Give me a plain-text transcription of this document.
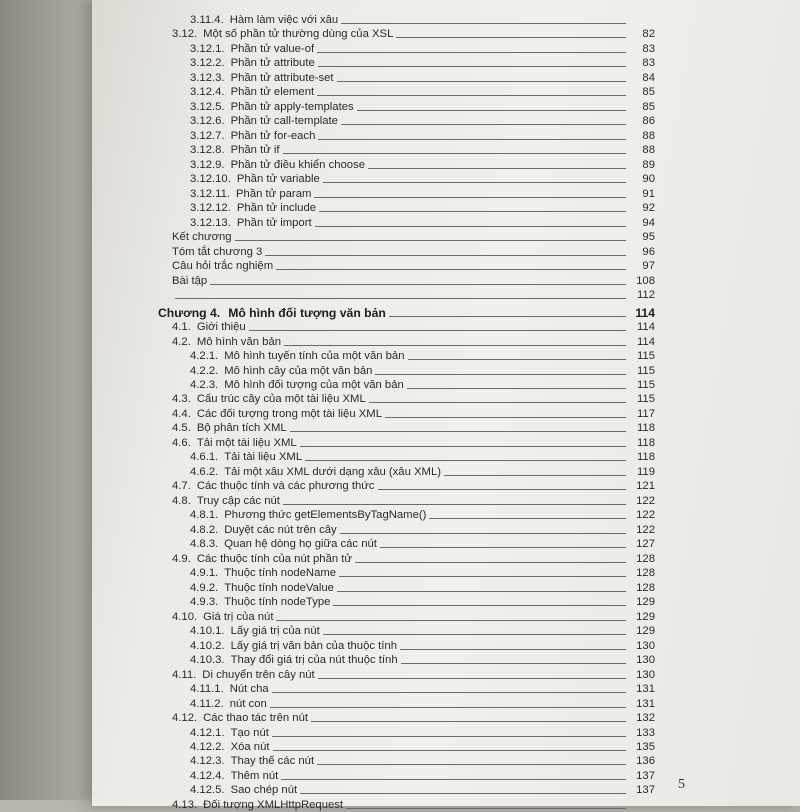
3.11.4. Hàm làm việc với xâu
3.12. Một số phần tử thường dùng của XSL	82
3.12.1. Phần tử value-of	83
3.12.2. Phần tử attribute	83
3.12.3. Phần tử attribute-set	84
3.12.4. Phần tử element	85
3.12.5. Phần tử apply-templates	85
3.12.6. Phần tử call-template	86
3.12.7. Phần tử for-each	88
3.12.8. Phần tử if	88
3.12.9. Phần tử điều khiển choose	89
3.12.10. Phần tử variable	90
3.12.11. Phần tử param	91
3.12.12. Phần tử include	92
3.12.13. Phần tử import	94
Kết chương	95
Tóm tắt chương 3	96
Câu hỏi trắc nghiệm	97
Bài tập	108
112
Chương 4. Mô hình đối tượng văn bản	114
4.1. Giới thiệu	114
4.2. Mô hình văn bản	114
4.2.1. Mô hình tuyến tính của một văn bản	115
4.2.2. Mô hình cây của một văn bản	115
4.2.3. Mô hình đối tượng của một văn bản	115
4.3. Cấu trúc cây của một tài liệu XML	115
4.4. Các đối tượng trong một tài liệu XML	117
4.5. Bộ phân tích XML	118
4.6. Tải một tài liệu XML	118
4.6.1. Tải tài liệu XML	118
4.6.2. Tải một xâu XML dưới dạng xâu (xâu XML)	119
4.7. Các thuộc tính và các phương thức	121
4.8. Truy cập các nút	122
4.8.1. Phương thức getElementsByTagName()	122
4.8.2. Duyệt các nút trên cây	122
4.8.3. Quan hệ dòng họ giữa các nút	127
4.9. Các thuộc tính của nút phần tử	128
4.9.1. Thuộc tính nodeName	128
4.9.2. Thuộc tính nodeValue	128
4.9.3. Thuộc tính nodeType	129
4.10. Giá trị của nút	129
4.10.1. Lấy giá trị của nút	129
4.10.2. Lấy giá trị văn bản của thuộc tính	130
4.10.3. Thay đổi giá trị của nút thuộc tính	130
4.11. Di chuyển trên cây nút	130
4.11.1. Nút cha	131
4.11.2. nút con	131
4.12. Các thao tác trên nút	132
4.12.1. Tạo nút	133
4.12.2. Xóa nút	135
4.12.3. Thay thế các nút	136
4.12.4. Thêm nút	137
4.12.5. Sao chép nút	137
4.13. Đối tượng XMLHttpRequest
5
